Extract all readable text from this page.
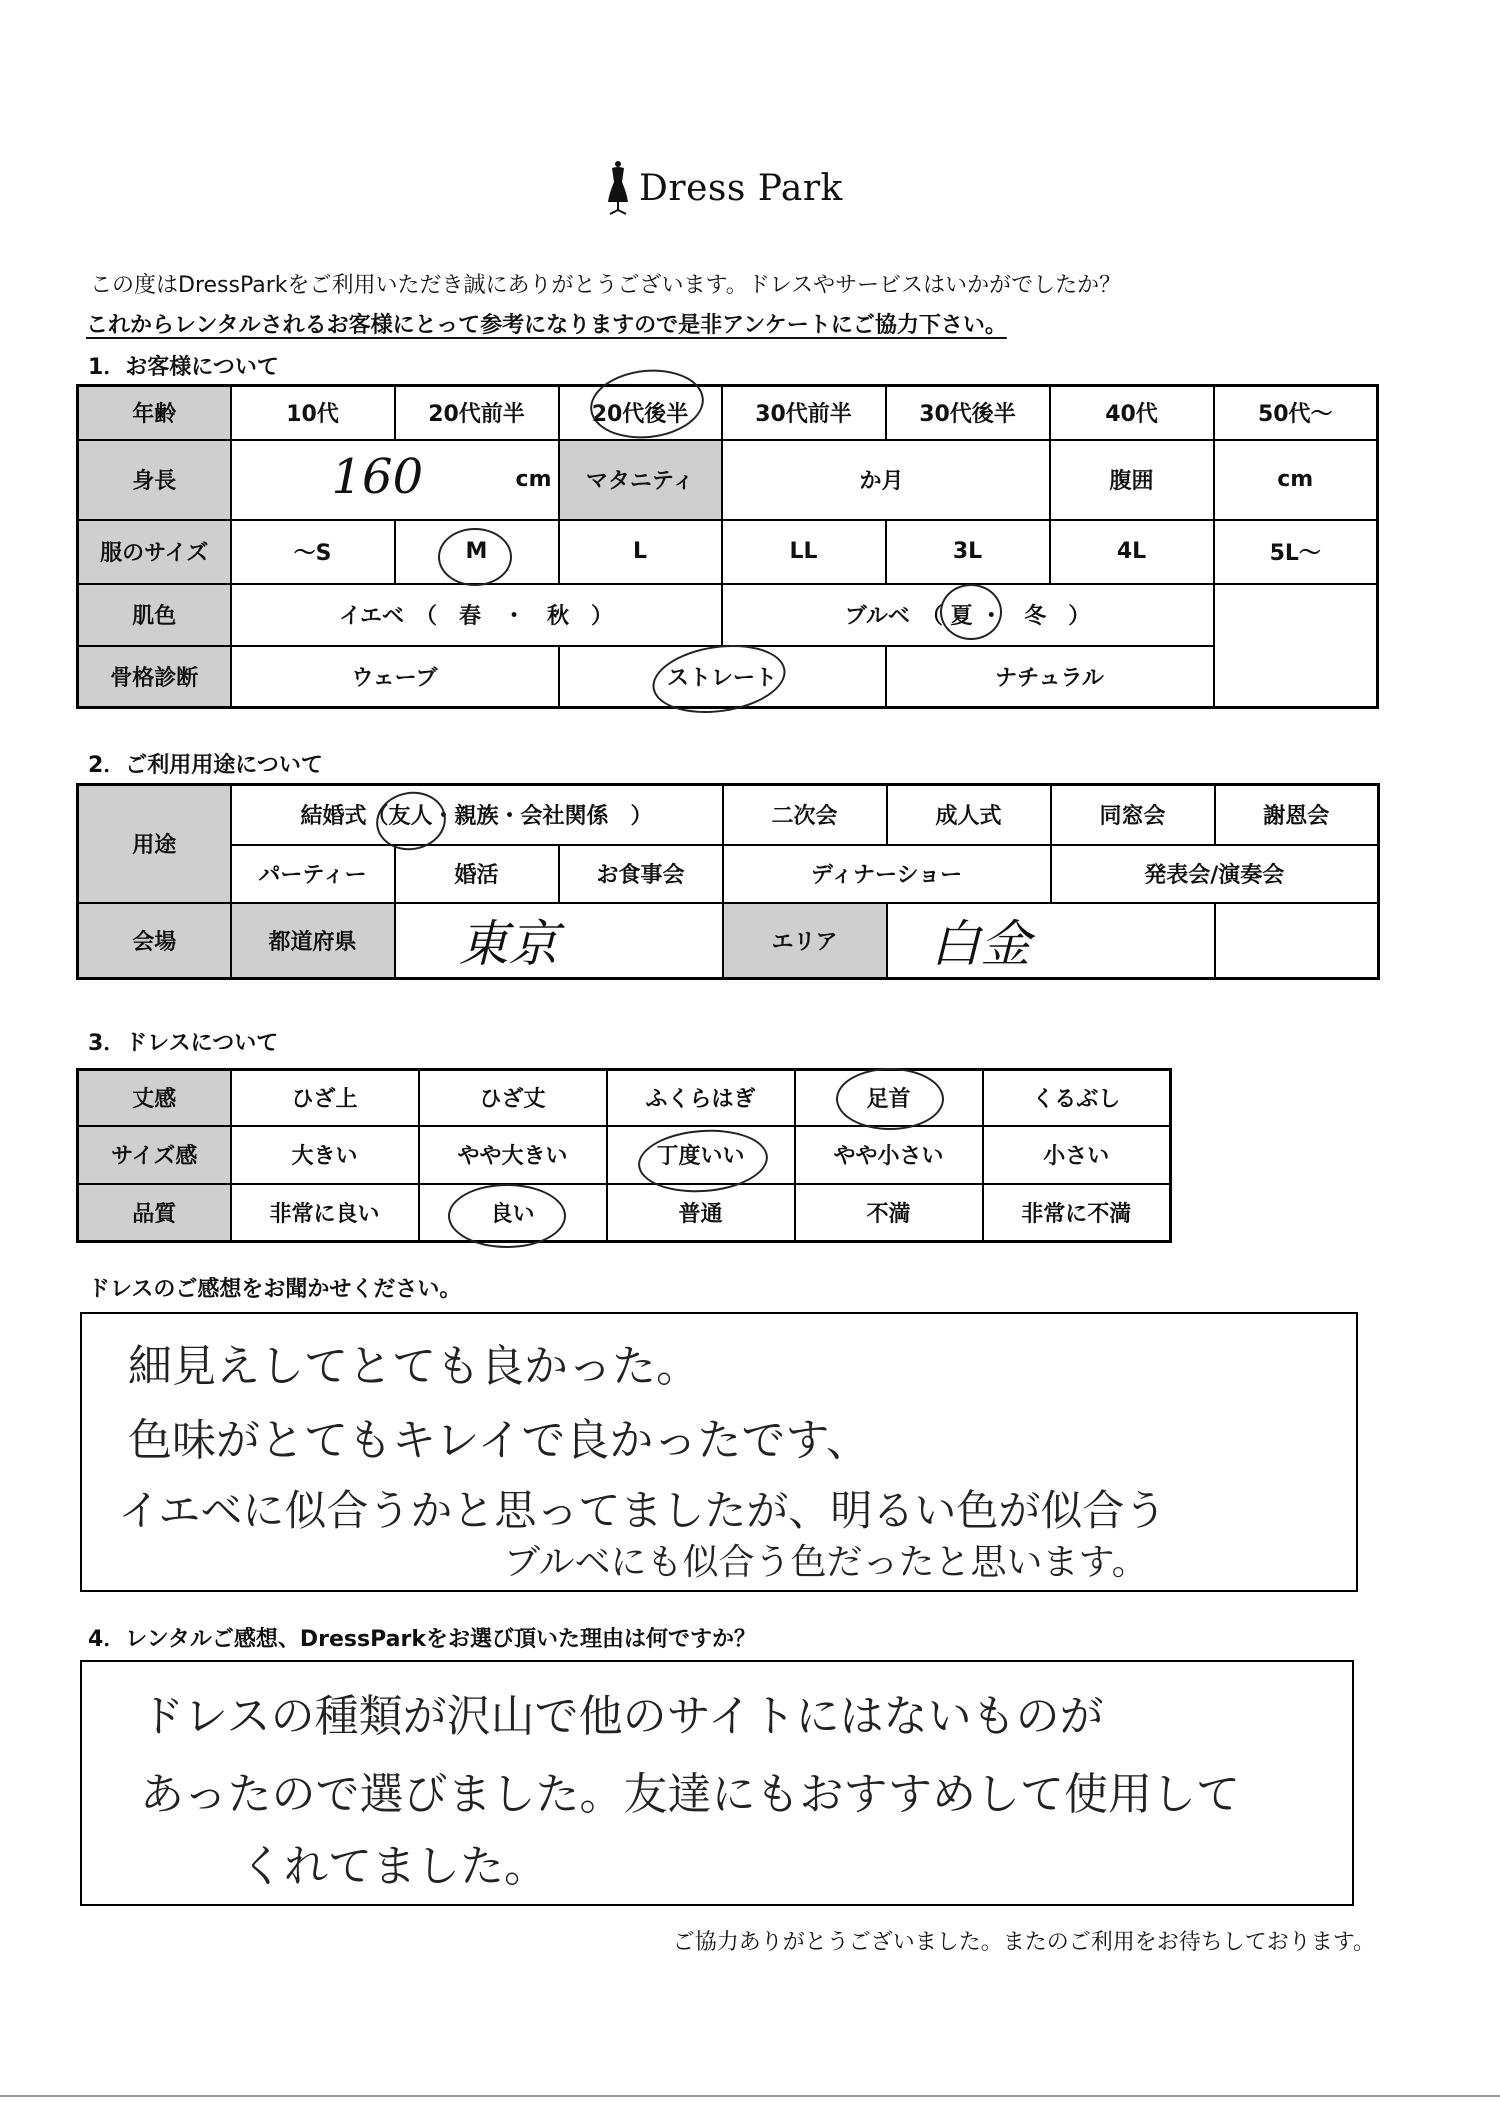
Dress Park
この度はDressParkをご利用いただき誠にありがとうございます。ドレスやサービスはいかがでしたか？
これからレンタルされるお客様にとって参考になりますので是非アンケートにご協力下さい。
1．お客様について
年齢	10代	20代前半	20代後半	30代前半	30代後半	40代	50代～
身長	160 cm		マタニティ	か月		腹囲	cm
服のサイズ	～S	M	L	LL	3L	4L	5L～
肌色	イエベ　（　春　・　秋　）			ブルベ　（ 夏 ・　冬　）			
骨格診断	ウェーブ		ストレート		ナチュラル		
2．ご利用用途について
用途	結婚式（友人・親族・会社関係　）			二次会	成人式	同窓会	謝恩会
	パーティー	婚活	お食事会	ディナーショー		発表会/演奏会	
会場	都道府県	東京		エリア	白金		
3．ドレスについて
丈感	ひざ上	ひざ丈	ふくらはぎ	足首	くるぶし
サイズ感	大きい	やや大きい	丁度いい	やや小さい	小さい
品質	非常に良い	良い	普通	不満	非常に不満
ドレスのご感想をお聞かせください。
細見えしてとても良かった。
色味がとてもキレイで良かったです、
イエベに似合うかと思ってましたが、明るい色が似合う
ブルベにも似合う色だったと思います。
4．レンタルご感想、DressParkをお選び頂いた理由は何ですか？
ドレスの種類が沢山で他のサイトにはないものが
あったので選びました。友達にもおすすめして使用して
くれてました。
ご協力ありがとうございました。またのご利用をお待ちしております。
